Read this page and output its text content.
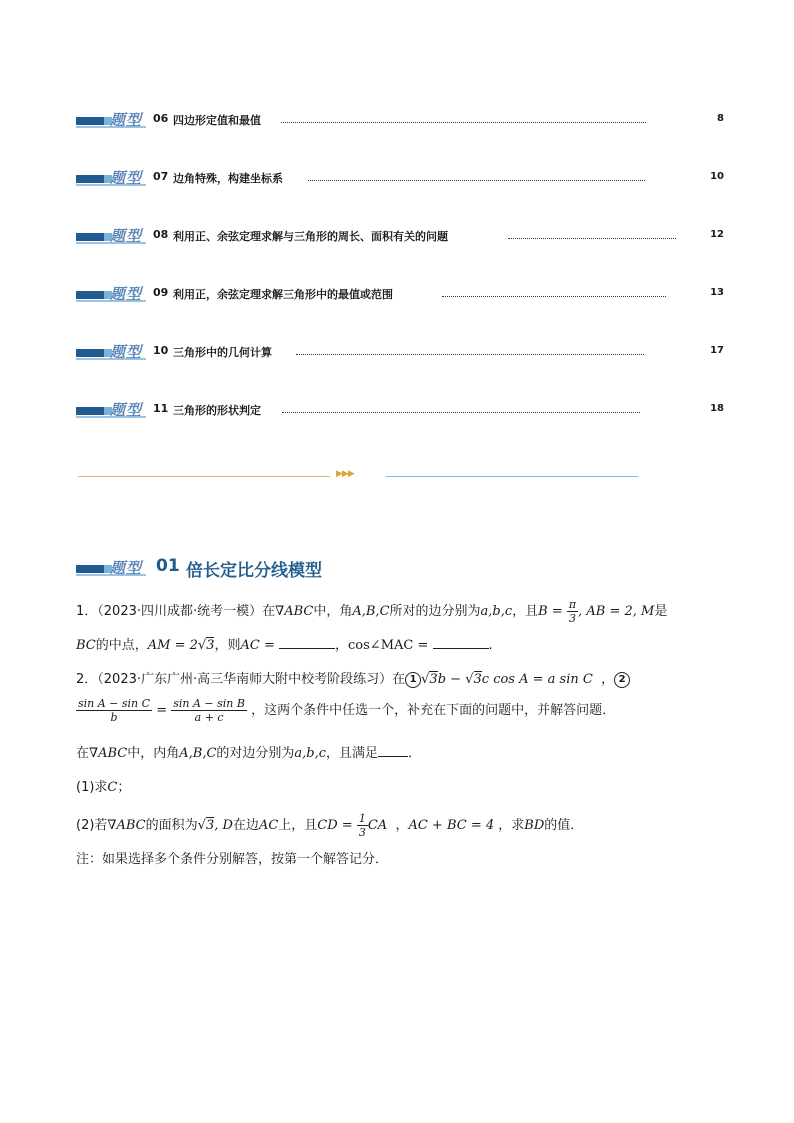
题型 06 四边形定值和最值	8
题型 07 边角特殊，构建坐标系	10
题型 08 利用正、余弦定理求解与三角形的周长、面积有关的问题	12
题型 09 利用正，余弦定理求解三角形中的最值或范围	13
题型 10 三角形中的几何计算	17
题型 11 三角形的形状判定	18
▶▶▶
题型 01 倍长定比分线模型
1．（2023·四川成都·统考一模）在∇ABC中，角A,B,C所对的边分别为a,b,c，且$B = \frac{\pi}{3}$ , AB = 2, M是
BC的中点，AM = 2√3，则AC =	，cos∠MAC =	.
2．（2023·广东广州·高三华南师大附中校考阶段练习）在 1 √3b − √3c cos A = a sin C ， 2
$\frac{\text{sin A − sin C}}{b} = \frac{\text{sin A − sin B}}{a + c}$ ，这两个条件中任选一个，补充在下面的问题中，并解答问题．
在∇ABC中，内角A,B,C的对边分别为a,b,c，且满足 ．
(1)求C；
(2)若∇ABC的面积为√3, D在边AC上，且CD = $\frac{1}{3}$ CA ，AC + BC = 4 ，求BD的值．
注：如果选择多个条件分别解答，按第一个解答记分．
